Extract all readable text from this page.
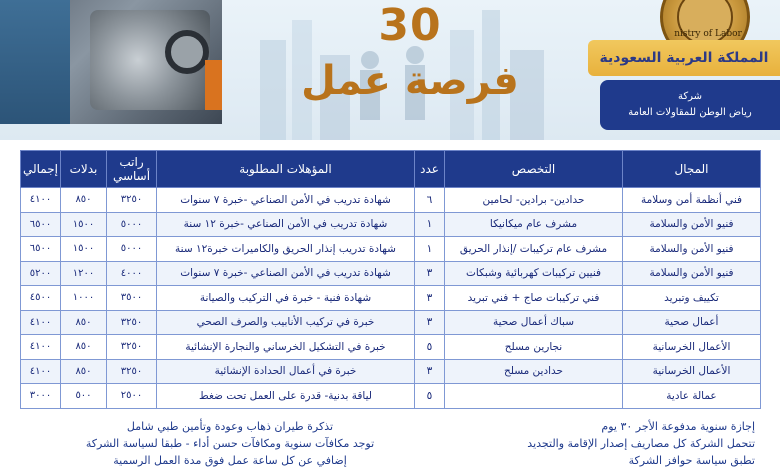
30
فرصة عمل
nistry of Labor
المملكة العربية السعودية
شركة
رياض الوطن للمقاولات العامة
المجال	التخصص	عدد	المؤهلات المطلوبة	راتب أساسي	بدلات	إجمالي
فني أنظمة أمن وسلامة	حدادين- برادين- لحامين	٦	شهادة تدريب في الأمن الصناعي -خبرة ٧ سنوات	٣٢٥٠	٨٥٠	٤١٠٠
فنيو الأمن والسلامة	مشرف عام ميكانيكا	١	شهادة تدريب في الأمن الصناعي -خبرة ١٢ سنة	٥٠٠٠	١٥٠٠	٦٥٠٠
فنيو الأمن والسلامة	مشرف عام تركيبات /إنذار الحريق	١	شهادة تدريب إنذار الحريق والكاميرات خبرة١٢ سنة	٥٠٠٠	١٥٠٠	٦٥٠٠
فنيو الأمن والسلامة	فنيين تركيبات كهربائية وشبكات	٣	شهادة تدريب في الأمن الصناعي -خبرة ٧ سنوات	٤٠٠٠	١٢٠٠	٥٢٠٠
تكييف وتبريد	فني تركيبات صاج + فني تبريد	٣	شهادة فنية - خبرة في التركيب والصيانة	٣٥٠٠	١٠٠٠	٤٥٠٠
أعمال صحية	سباك أعمال صحية	٣	خبرة في تركيب الأنابيب والصرف الصحي	٣٢٥٠	٨٥٠	٤١٠٠
الأعمال الخرسانية	نجارين مسلح	٥	خبرة في التشكيل الخرساني والنجارة الإنشائية	٣٢٥٠	٨٥٠	٤١٠٠
الأعمال الخرسانية	حدادين مسلح	٣	خبرة في أعمال الحدادة الإنشائية	٣٢٥٠	٨٥٠	٤١٠٠
عمالة عادية		٥	لياقة بدنية- قدرة على العمل تحت ضغط	٢٥٠٠	٥٠٠	٣٠٠٠
تذكرة طيران ذهاب وعودة وتأمين طبي شامل
توجد مكافآت سنوية ومكافآت حسن أداء - طبقا لسياسة الشركة
إضافي عن كل ساعة عمل فوق مدة العمل الرسمية
إجازة سنوية مدفوعة الأجر ٣٠ يوم
تتحمل الشركة كل مصاريف إصدار الإقامة والتجديد
تطبق سياسة حوافز الشركة
